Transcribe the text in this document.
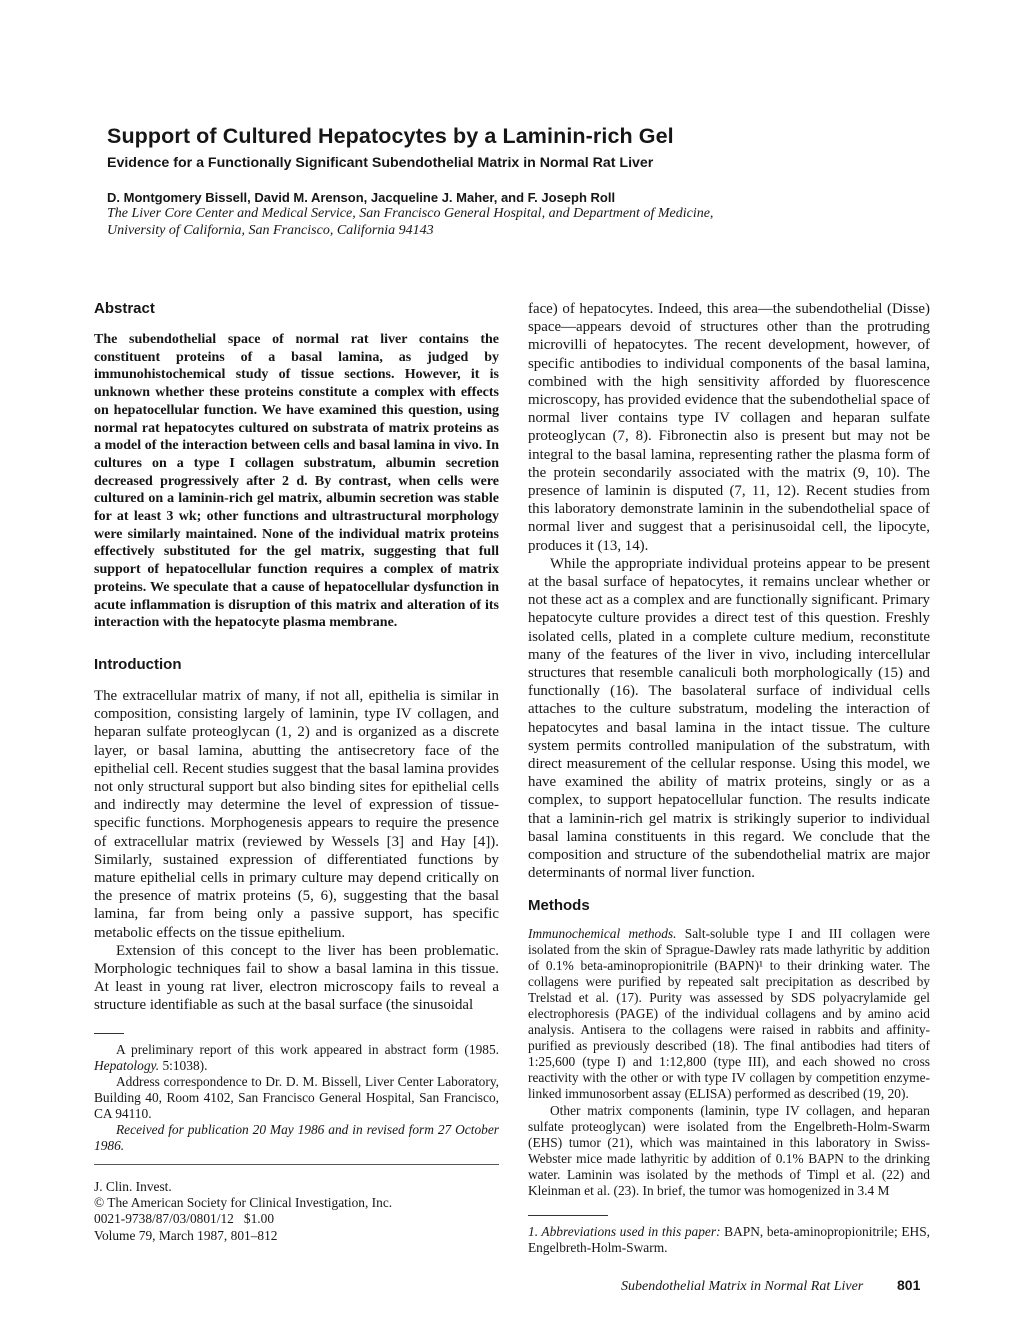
Support of Cultured Hepatocytes by a Laminin-rich Gel
Evidence for a Functionally Significant Subendothelial Matrix in Normal Rat Liver
D. Montgomery Bissell, David M. Arenson, Jacqueline J. Maher, and F. Joseph Roll
The Liver Core Center and Medical Service, San Francisco General Hospital, and Department of Medicine,
University of California, San Francisco, California 94143
Abstract

The subendothelial space of normal rat liver contains the constituent proteins of a basal lamina, as judged by immunohistochemical study of tissue sections. However, it is unknown whether these proteins constitute a complex with effects on hepatocellular function. We have examined this question, using normal rat hepatocytes cultured on substrata of matrix proteins as a model of the interaction between cells and basal lamina in vivo. In cultures on a type I collagen substratum, albumin secretion decreased progressively after 2 d. By contrast, when cells were cultured on a laminin-rich gel matrix, albumin secretion was stable for at least 3 wk; other functions and ultrastructural morphology were similarly maintained. None of the individual matrix proteins effectively substituted for the gel matrix, suggesting that full support of hepatocellular function requires a complex of matrix proteins. We speculate that a cause of hepatocellular dysfunction in acute inflammation is disruption of this matrix and alteration of its interaction with the hepatocyte plasma membrane.

Introduction

The extracellular matrix of many, if not all, epithelia is similar in composition, consisting largely of laminin, type IV collagen, and heparan sulfate proteoglycan (1, 2) and is organized as a discrete layer, or basal lamina, abutting the antisecretory face of the epithelial cell. Recent studies suggest that the basal lamina provides not only structural support but also binding sites for epithelial cells and indirectly may determine the level of expression of tissue-specific functions. Morphogenesis appears to require the presence of extracellular matrix (reviewed by Wessels [3] and Hay [4]). Similarly, sustained expression of differentiated functions by mature epithelial cells in primary culture may depend critically on the presence of matrix proteins (5, 6), suggesting that the basal lamina, far from being only a passive support, has specific metabolic effects on the tissue epithelium.

Extension of this concept to the liver has been problematic. Morphologic techniques fail to show a basal lamina in this tissue. At least in young rat liver, electron microscopy fails to reveal a structure identifiable as such at the basal surface (the sinusoidal

A preliminary report of this work appeared in abstract form (1985. Hepatology. 5:1038).

Address correspondence to Dr. D. M. Bissell, Liver Center Laboratory, Building 40, Room 4102, San Francisco General Hospital, San Francisco, CA 94110.

Received for publication 20 May 1986 and in revised form 27 October 1986.

J. Clin. Invest.

© The American Society for Clinical Investigation, Inc.

0021-9738/87/03/0801/12   $1.00

Volume 79, March 1987, 801–812

face) of hepatocytes. Indeed, this area—the subendothelial (Disse) space—appears devoid of structures other than the protruding microvilli of hepatocytes. The recent development, however, of specific antibodies to individual components of the basal lamina, combined with the high sensitivity afforded by fluorescence microscopy, has provided evidence that the subendothelial space of normal liver contains type IV collagen and heparan sulfate proteoglycan (7, 8). Fibronectin also is present but may not be integral to the basal lamina, representing rather the plasma form of the protein secondarily associated with the matrix (9, 10). The presence of laminin is disputed (7, 11, 12). Recent studies from this laboratory demonstrate laminin in the subendothelial space of normal liver and suggest that a perisinusoidal cell, the lipocyte, produces it (13, 14).

While the appropriate individual proteins appear to be present at the basal surface of hepatocytes, it remains unclear whether or not these act as a complex and are functionally significant. Primary hepatocyte culture provides a direct test of this question. Freshly isolated cells, plated in a complete culture medium, reconstitute many of the features of the liver in vivo, including intercellular structures that resemble canaliculi both morphologically (15) and functionally (16). The basolateral surface of individual cells attaches to the culture substratum, modeling the interaction of hepatocytes and basal lamina in the intact tissue. The culture system permits controlled manipulation of the substratum, with direct measurement of the cellular response. Using this model, we have examined the ability of matrix proteins, singly or as a complex, to support hepatocellular function. The results indicate that a laminin-rich gel matrix is strikingly superior to individual basal lamina constituents in this regard. We conclude that the composition and structure of the subendothelial matrix are major determinants of normal liver function.

Methods

Immunochemical methods. Salt-soluble type I and III collagen were isolated from the skin of Sprague-Dawley rats made lathyritic by addition of 0.1% beta-aminopropionitrile (BAPN)¹ to their drinking water. The collagens were purified by repeated salt precipitation as described by Trelstad et al. (17). Purity was assessed by SDS polyacrylamide gel electrophoresis (PAGE) of the individual collagens and by amino acid analysis. Antisera to the collagens were raised in rabbits and affinity-purified as previously described (18). The final antibodies had titers of 1:25,600 (type I) and 1:12,800 (type III), and each showed no cross reactivity with the other or with type IV collagen by competition enzyme-linked immunosorbent assay (ELISA) performed as described (19, 20).

Other matrix components (laminin, type IV collagen, and heparan sulfate proteoglycan) were isolated from the Engelbreth-Holm-Swarm (EHS) tumor (21), which was maintained in this laboratory in Swiss-Webster mice made lathyritic by addition of 0.1% BAPN to the drinking water. Laminin was isolated by the methods of Timpl et al. (22) and Kleinman et al. (23). In brief, the tumor was homogenized in 3.4 M

1. Abbreviations used in this paper: BAPN, beta-aminopropionitrile; EHS, Engelbreth-Holm-Swarm.

Subendothelial Matrix in Normal Rat Liver	801
